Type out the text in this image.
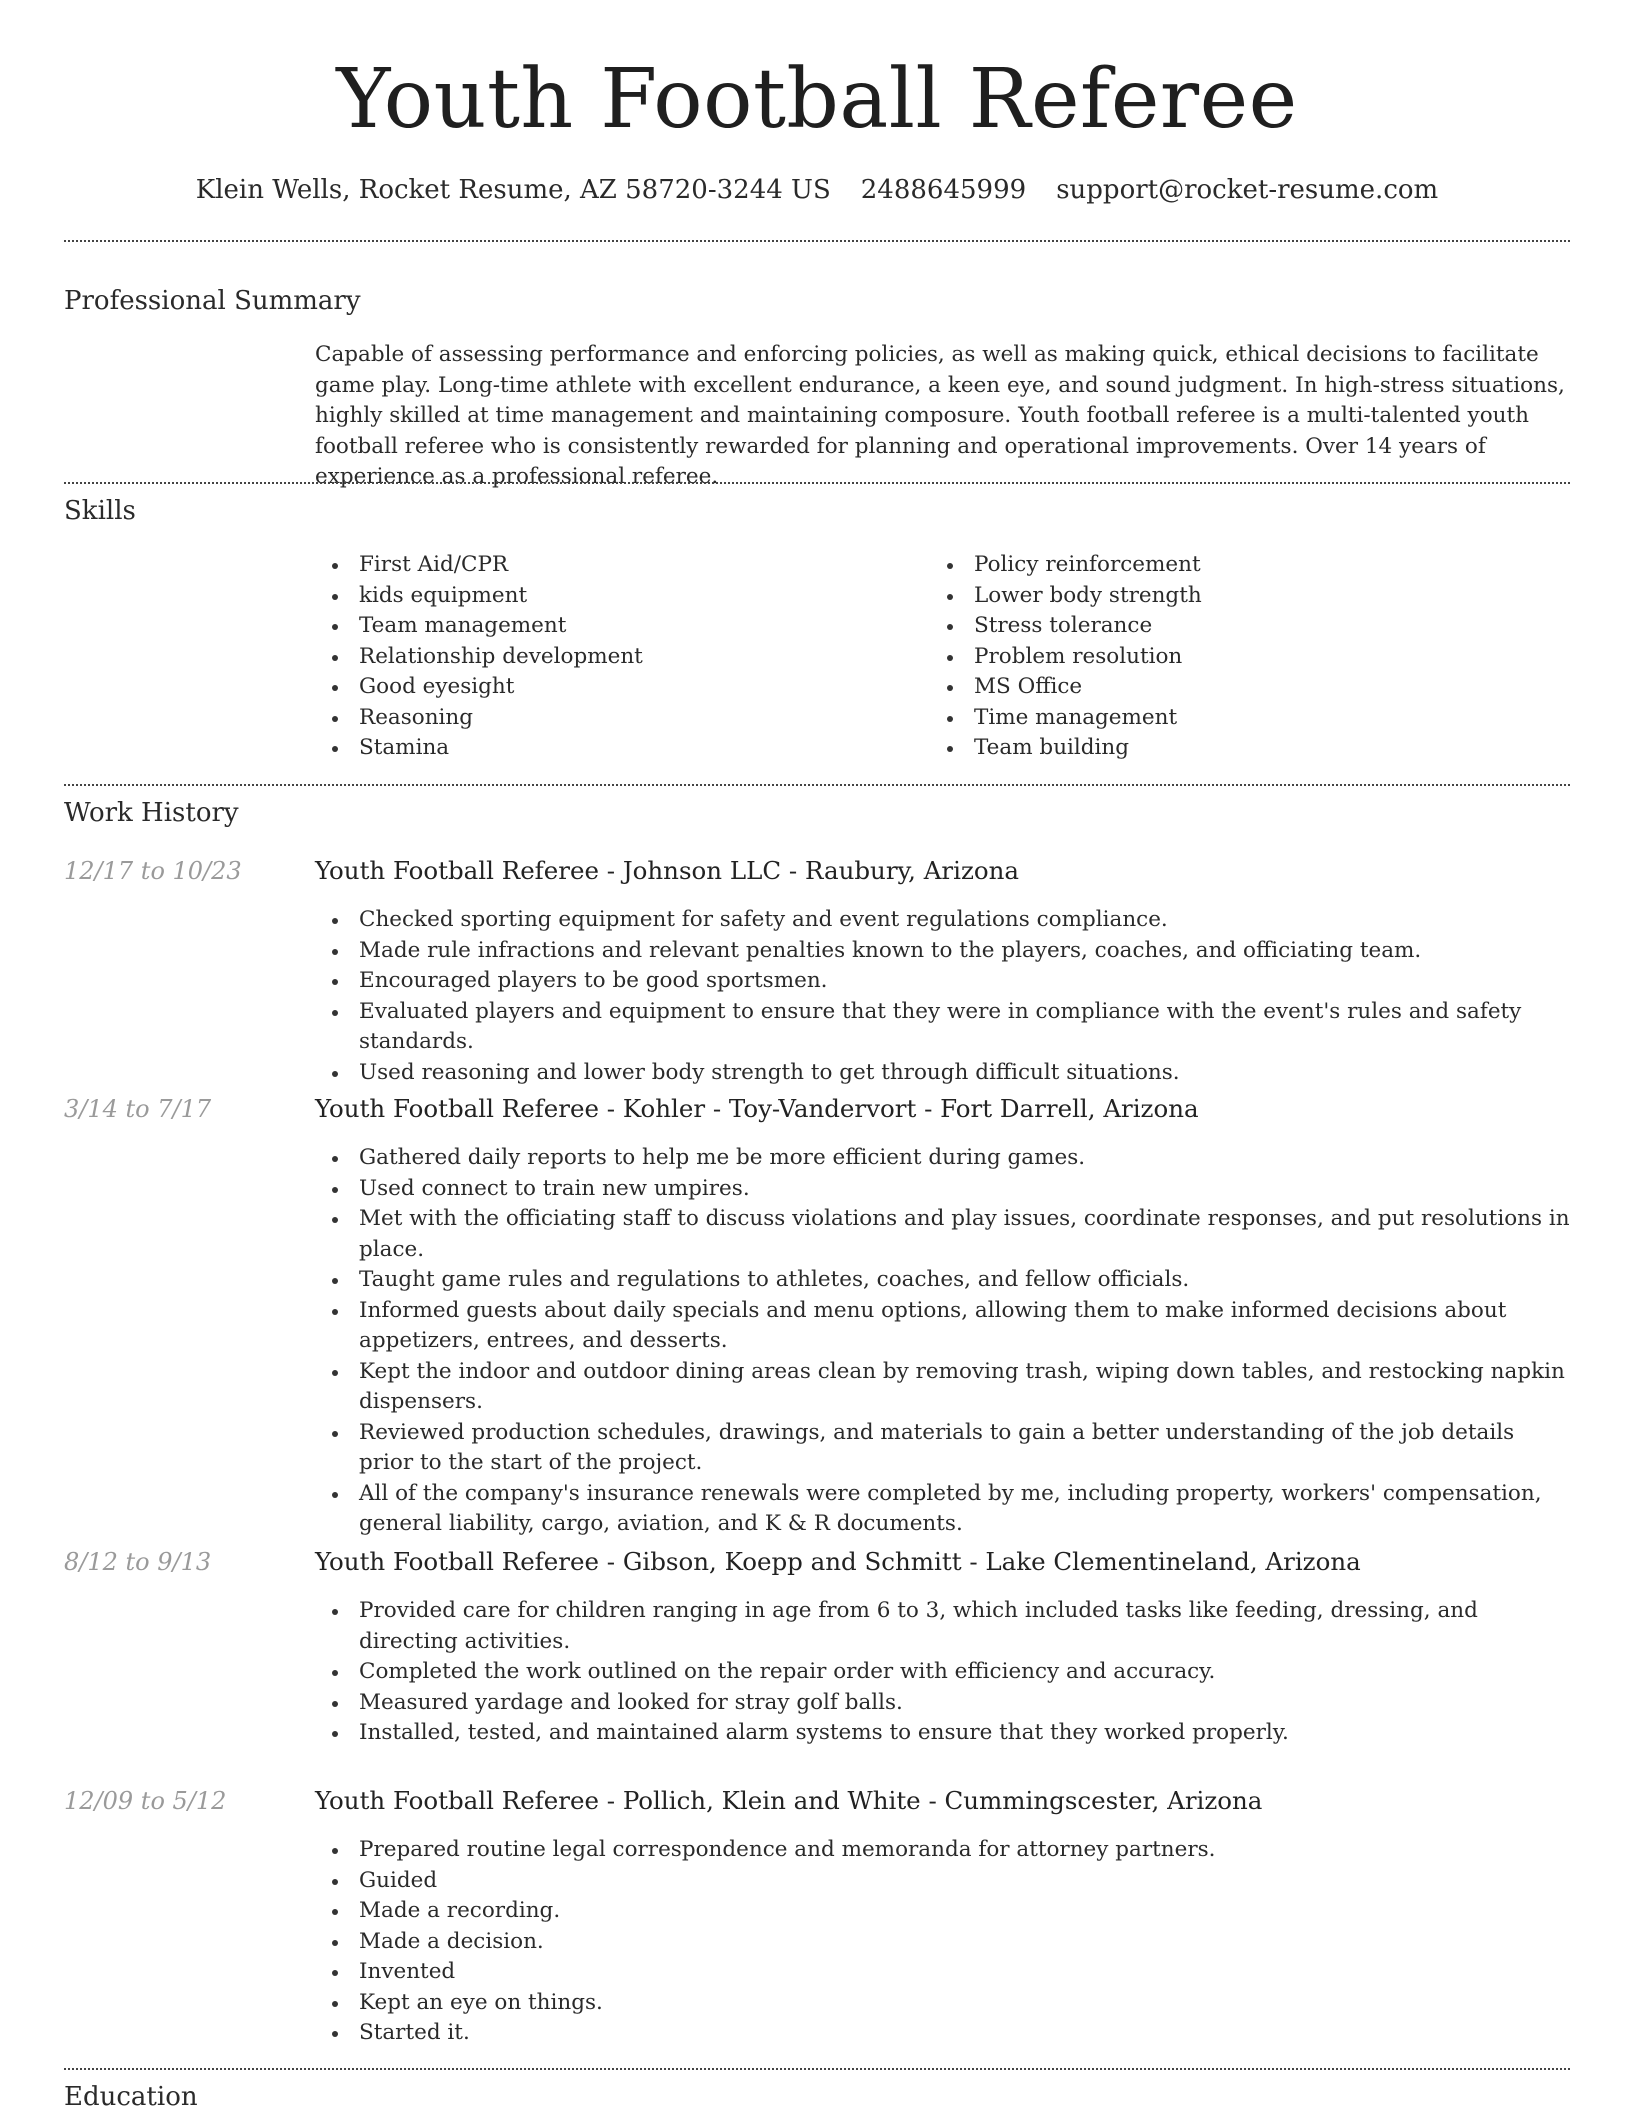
Youth Football Referee
Klein Wells, Rocket Resume, AZ 58720-3244 US 2488645999 support@rocket-resume.com
Professional Summary
Capable of assessing performance and enforcing policies, as well as making quick, ethical decisions to facilitate game play. Long-time athlete with excellent endurance, a keen eye, and sound judgment. In high-stress situations, highly skilled at time management and maintaining composure. Youth football referee is a multi-talented youth football referee who is consistently rewarded for planning and operational improvements. Over 14 years of experience as a professional referee.
Skills
First Aid/CPR
kids equipment
Team management
Relationship development
Good eyesight
Reasoning
Stamina
Policy reinforcement
Lower body strength
Stress tolerance
Problem resolution
MS Office
Time management
Team building
Work History
12/17 to 10/23	Youth Football Referee - Johnson LLC - Raubury, Arizona
Checked sporting equipment for safety and event regulations compliance.
Made rule infractions and relevant penalties known to the players, coaches, and officiating team.
Encouraged players to be good sportsmen.
Evaluated players and equipment to ensure that they were in compliance with the event's rules and safety standards.
Used reasoning and lower body strength to get through difficult situations.
3/14 to 7/17	Youth Football Referee - Kohler - Toy-Vandervort - Fort Darrell, Arizona
Gathered daily reports to help me be more efficient during games.
Used connect to train new umpires.
Met with the officiating staff to discuss violations and play issues, coordinate responses, and put resolutions in place.
Taught game rules and regulations to athletes, coaches, and fellow officials.
Informed guests about daily specials and menu options, allowing them to make informed decisions about appetizers, entrees, and desserts.
Kept the indoor and outdoor dining areas clean by removing trash, wiping down tables, and restocking napkin dispensers.
Reviewed production schedules, drawings, and materials to gain a better understanding of the job details prior to the start of the project.
All of the company's insurance renewals were completed by me, including property, workers' compensation, general liability, cargo, aviation, and K & R documents.
8/12 to 9/13	Youth Football Referee - Gibson, Koepp and Schmitt - Lake Clementineland, Arizona
Provided care for children ranging in age from 6 to 3, which included tasks like feeding, dressing, and directing activities.
Completed the work outlined on the repair order with efficiency and accuracy.
Measured yardage and looked for stray golf balls.
Installed, tested, and maintained alarm systems to ensure that they worked properly.
12/09 to 5/12	Youth Football Referee - Pollich, Klein and White - Cummingscester, Arizona
Prepared routine legal correspondence and memoranda for attorney partners.
Guided
Made a recording.
Made a decision.
Invented
Kept an eye on things.
Started it.
Education
